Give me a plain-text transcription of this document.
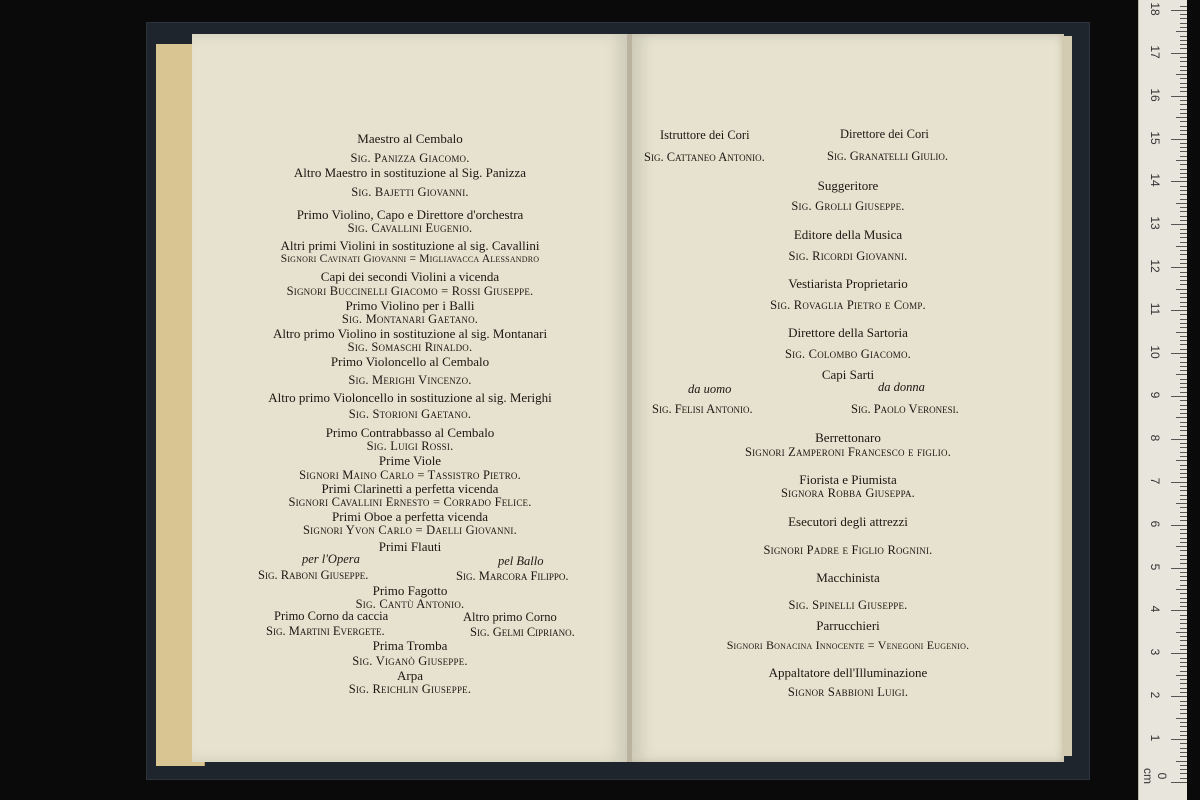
Maestro al Cembalo
Sig. Panizza Giacomo.
Altro Maestro in sostituzione al Sig. Panizza
Sig. Bajetti Giovanni.
Primo Violino, Capo e Direttore d'orchestra
Sig. Cavallini Eugenio.
Altri primi Violini in sostituzione al sig. Cavallini
Signori Cavinati Giovanni = Migliavacca Alessandro
Capi dei secondi Violini a vicenda
Signori Buccinelli Giacomo = Rossi Giuseppe.
Primo Violino per i Balli
Sig. Montanari Gaetano.
Altro primo Violino in sostituzione al sig. Montanari
Sig. Somaschi Rinaldo.
Primo Violoncello al Cembalo
Sig. Merighi Vincenzo.
Altro primo Violoncello in sostituzione al sig. Merighi
Sig. Storioni Gaetano.
Primo Contrabbasso al Cembalo
Sig. Luigi Rossi.
Prime Viole
Signori Maino Carlo = Tassistro Pietro.
Primi Clarinetti a perfetta vicenda
Signori Cavallini Ernesto = Corrado Felice.
Primi Oboe a perfetta vicenda
Signori Yvon Carlo = Daelli Giovanni.
Primi Flauti
per l'Opera	pel Ballo
Sig. Raboni Giuseppe.	Sig. Marcora Filippo.
Primo Fagotto
Sig. Cantù Antonio.
Primo Corno da caccia	Altro primo Corno
Sig. Martini Evergete.	Sig. Gelmi Cipriano.
Prima Tromba
Sig. Viganò Giuseppe.
Arpa
Sig. Reichlin Giuseppe.
Istruttore dei Cori	Direttore dei Cori
Sig. Cattaneo Antonio.	Sig. Granatelli Giulio.
Suggeritore
Sig. Grolli Giuseppe.
Editore della Musica
Sig. Ricordi Giovanni.
Vestiarista Proprietario
Sig. Rovaglia Pietro e Comp.
Direttore della Sartoria
Sig. Colombo Giacomo.
Capi Sarti
da uomo	da donna
Sig. Felisi Antonio.	Sig. Paolo Veronesi.
Berrettonaro
Signori Zamperoni Francesco e figlio.
Fiorista e Piumista
Signora Robba Giuseppa.
Esecutori degli attrezzi
Signori Padre e Figlio Rognini.
Macchinista
Sig. Spinelli Giuseppe.
Parrucchieri
Signori Bonacina Innocente = Venegoni Eugenio.
Appaltatore dell'Illuminazione
Signor Sabbioni Luigi.
0 cm
1
2
3
4
5
6
7
8
9
10
11
12
13
14
15
16
17
18
